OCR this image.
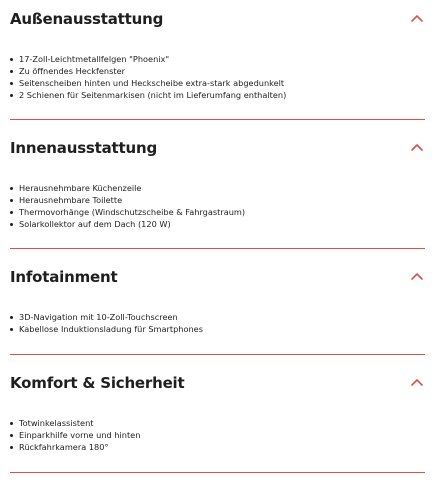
Außenausstattung
17-Zoll-Leichtmetallfelgen "Phoenix"
Zu öffnendes Heckfenster
Seitenscheiben hinten und Heckscheibe extra-stark abgedunkelt
2 Schienen für Seitenmarkisen (nicht im Lieferumfang enthalten)
Innenausstattung
Herausnehmbare Küchenzeile
Herausnehmbare Toilette
Thermovorhänge (Windschutzscheibe & Fahrgastraum)
Solarkollektor auf dem Dach (120 W)
Infotainment
3D-Navigation mit 10-Zoll-Touchscreen
Kabellose Induktionsladung für Smartphones
Komfort & Sicherheit
Totwinkelassistent
Einparkhilfe vorne und hinten
Rückfahrkamera 180°
